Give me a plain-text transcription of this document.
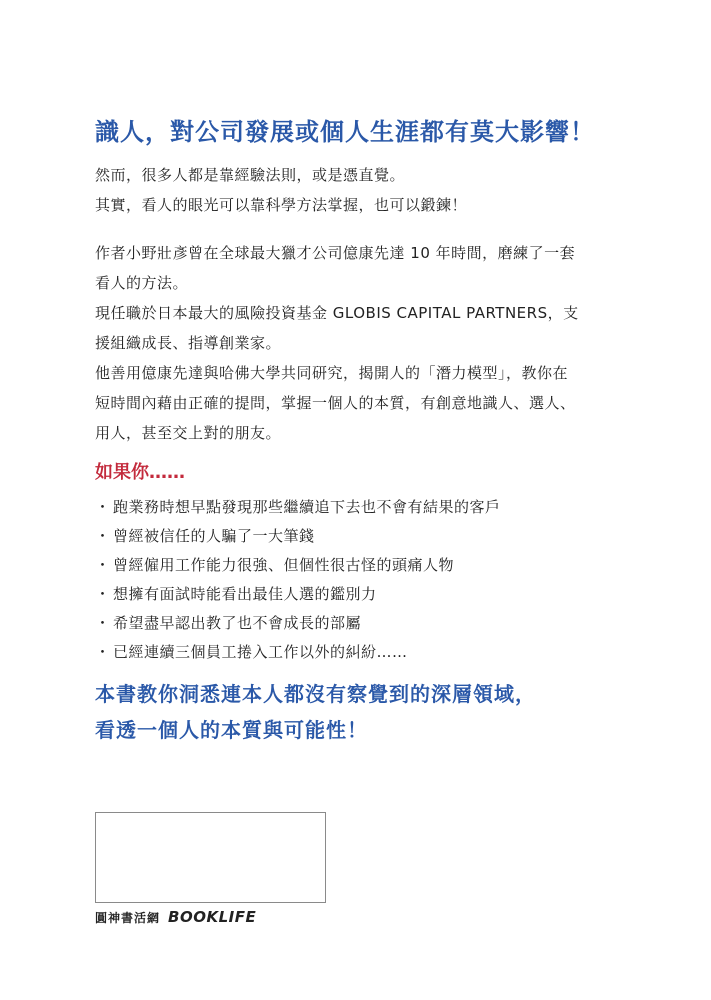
識人，對公司發展或個人生涯都有莫大影響！

然而，很多人都是靠經驗法則，或是憑直覺。

其實，看人的眼光可以靠科學方法掌握，也可以鍛鍊！

作者小野壯彥曾在全球最大獵才公司億康先達 10 年時間，磨練了一套

看人的方法。

現任職於日本最大的風險投資基金 GLOBIS CAPITAL PARTNERS，支

援組織成長、指導創業家。

他善用億康先達與哈佛大學共同研究，揭開人的「潛力模型」，教你在

短時間內藉由正確的提問，掌握一個人的本質，有創意地識人、選人、

用人，甚至交上對的朋友。

如果你……
・ 跑業務時想早點發現那些繼續追下去也不會有結果的客戶
・ 曾經被信任的人騙了一大筆錢
・ 曾經僱用工作能力很強、但個性很古怪的頭痛人物
・ 想擁有面試時能看出最佳人選的鑑別力
・ 希望盡早認出教了也不會成長的部屬
・ 已經連續三個員工捲入工作以外的糾紛……

本書教你洞悉連本人都沒有察覺到的深層領域，

看透一個人的本質與可能性！

圓神書活網 BOOKLIFE
